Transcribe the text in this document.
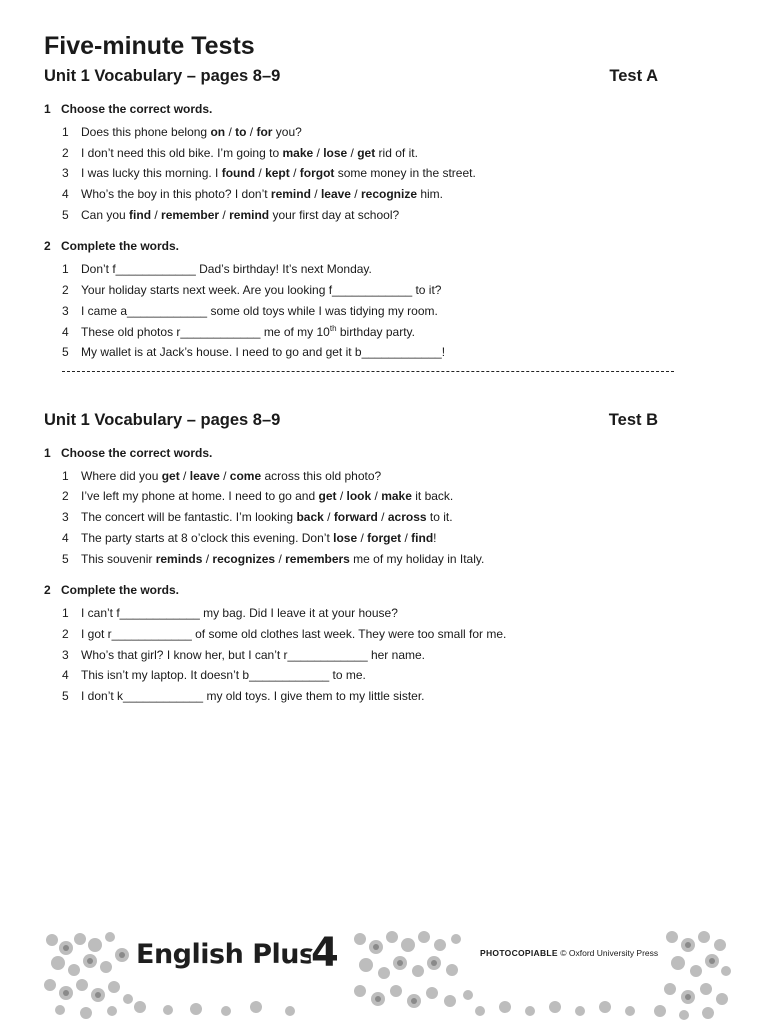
Five-minute Tests
Unit 1 Vocabulary – pages 8–9	Test A
1 Choose the correct words.
1 Does this phone belong on / to / for you?
2 I don’t need this old bike. I’m going to make / lose / get rid of it.
3 I was lucky this morning. I found / kept / forgot some money in the street.
4 Who’s the boy in this photo? I don’t remind / leave / recognize him.
5 Can you find / remember / remind your first day at school?
2 Complete the words.
1 Don’t f____________ Dad’s birthday! It’s next Monday.
2 Your holiday starts next week. Are you looking f____________ to it?
3 I came a____________ some old toys while I was tidying my room.
4 These old photos r____________ me of my 10th birthday party.
5 My wallet is at Jack’s house. I need to go and get it b____________!
Unit 1 Vocabulary – pages 8–9	Test B
1 Choose the correct words.
1 Where did you get / leave / come across this old photo?
2 I’ve left my phone at home. I need to go and get / look / make it back.
3 The concert will be fantastic. I’m looking back / forward / across to it.
4 The party starts at 8 o’clock this evening. Don’t lose / forget / find!
5 This souvenir reminds / recognizes / remembers me of my holiday in Italy.
2 Complete the words.
1 I can’t f____________ my bag. Did I leave it at your house?
2 I got r____________ of some old clothes last week. They were too small for me.
3 Who’s that girl? I know her, but I can’t r____________ her name.
4 This isn’t my laptop. It doesn’t b____________ to me.
5 I don’t k____________ my old toys. I give them to my little sister.
English Plus
4	PHOTOCOPIABLE © Oxford University Press
